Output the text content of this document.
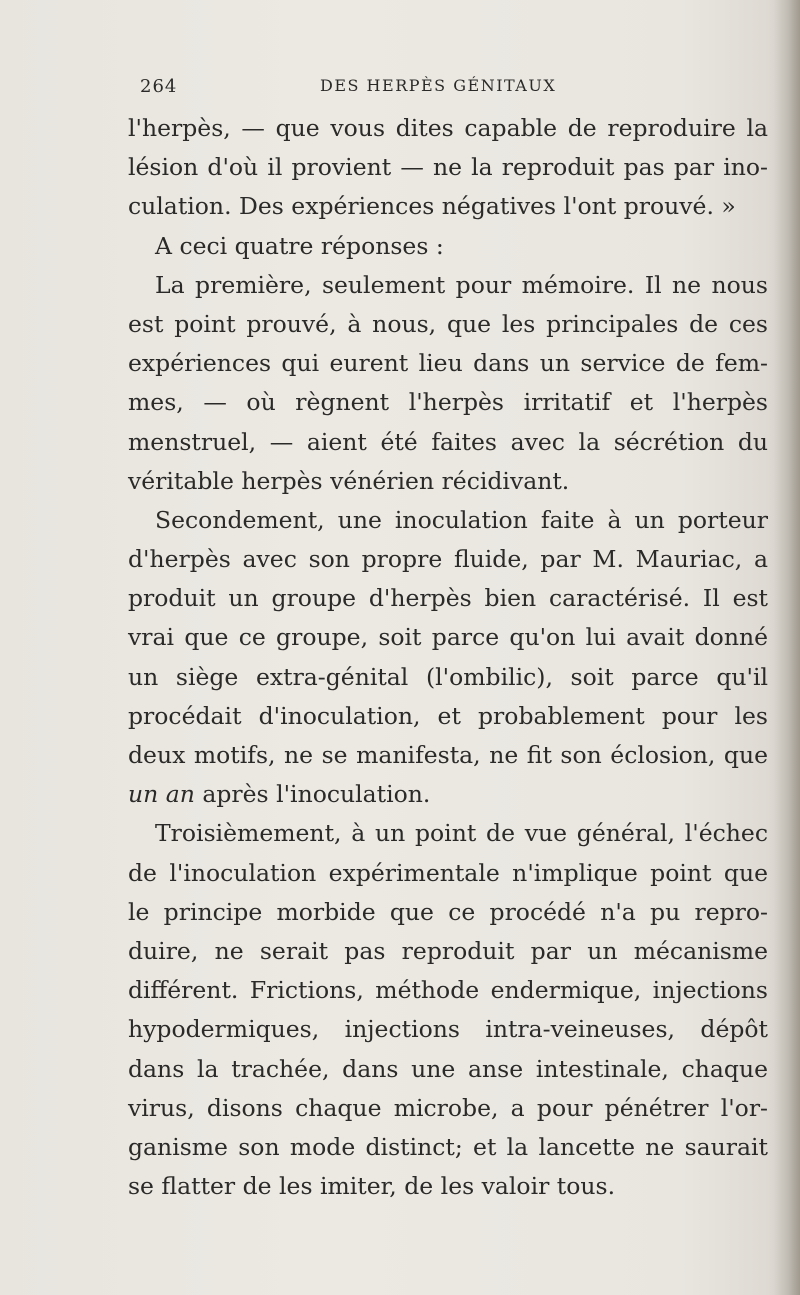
264	DES HERPÈS GÉNITAUX
l'herpès, — que vous dites capable de reproduire la
lésion d'où il provient — ne la reproduit pas par ino-
culation. Des expériences négatives l'ont prouvé. »
A ceci quatre réponses :
La première, seulement pour mémoire. Il ne nous
est point prouvé, à nous, que les principales de ces
expériences qui eurent lieu dans un service de fem-
mes, — où règnent l'herpès irritatif et l'herpès
menstruel, — aient été faites avec la sécrétion du
véritable herpès vénérien récidivant.
Secondement, une inoculation faite à un porteur
d'herpès avec son propre fluide, par M. Mauriac, a
produit un groupe d'herpès bien caractérisé. Il est
vrai que ce groupe, soit parce qu'on lui avait donné
un siège extra-génital (l'ombilic), soit parce qu'il
procédait d'inoculation, et probablement pour les
deux motifs, ne se manifesta, ne fit son éclosion, que
un an après l'inoculation.
Troisièmement, à un point de vue général, l'échec
de l'inoculation expérimentale n'implique point que
le principe morbide que ce procédé n'a pu repro-
duire, ne serait pas reproduit par un mécanisme
différent. Frictions, méthode endermique, injections
hypodermiques, injections intra-veineuses, dépôt
dans la trachée, dans une anse intestinale, chaque
virus, disons chaque microbe, a pour pénétrer l'or-
ganisme son mode distinct; et la lancette ne saurait
se flatter de les imiter, de les valoir tous.
